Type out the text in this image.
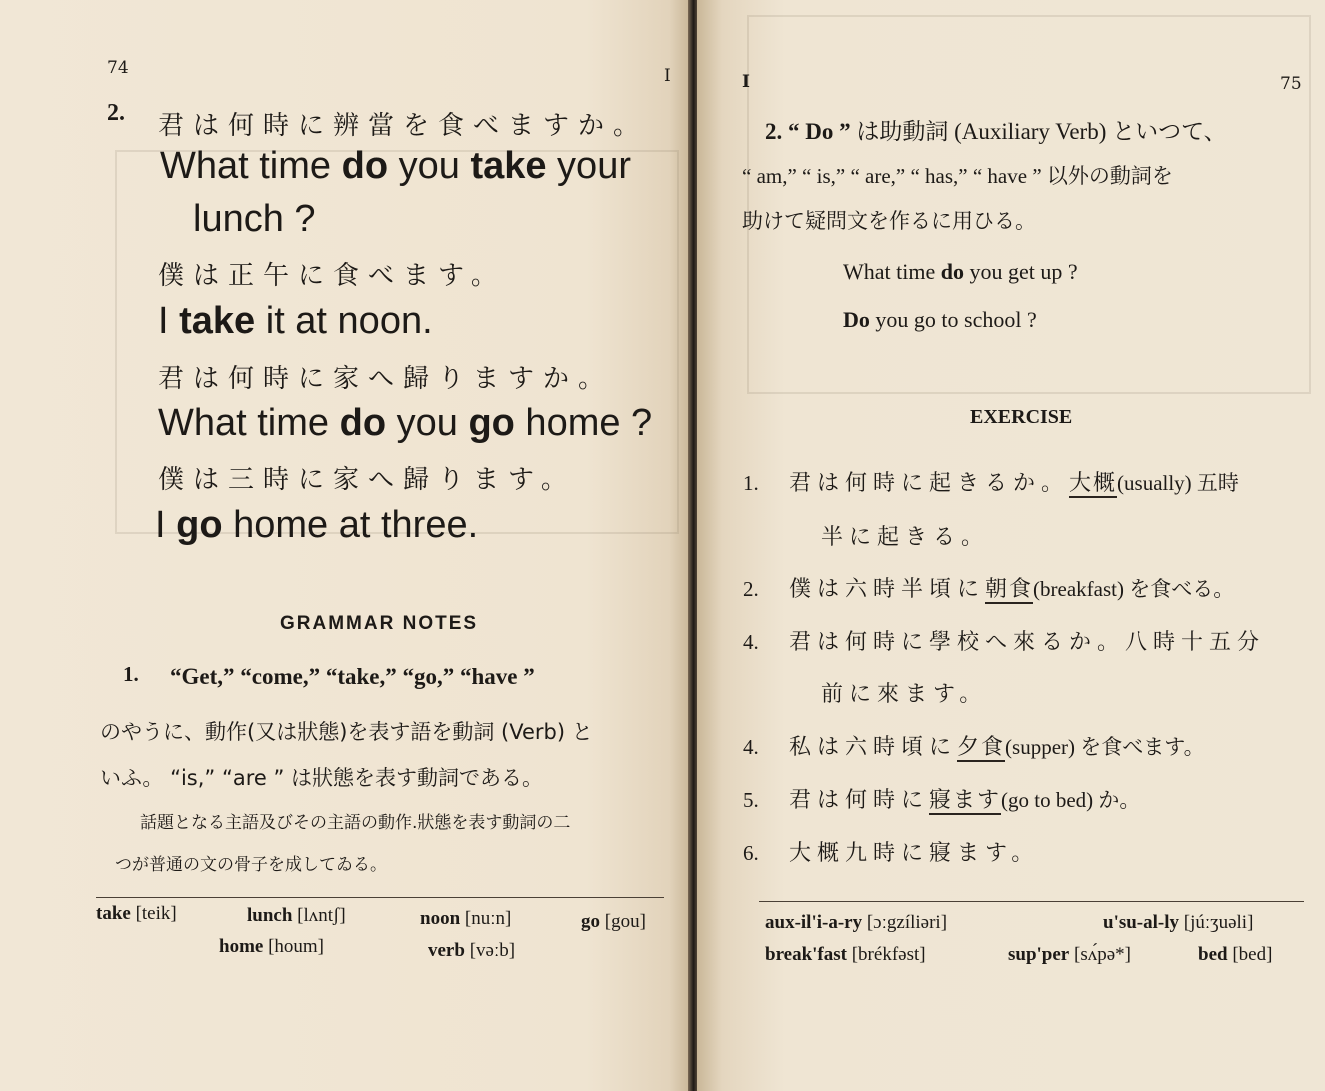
74	I
2. 君は何時に辨當を食べますか。
What time do you take your
lunch ?
僕は正午に食べます。
I take it at noon.
君は何時に家へ歸りますか。
What time do you go home ?
僕は三時に家へ歸ります。
I go home at three.
GRAMMAR NOTES
1. “Get,” “come,” “take,” “go,” “have ”
のやうに、動作(又は狀態)を表す語を動詞 (Verb) と
いふ。 “is,” “are ” は狀態を表す動詞である。
話題となる主語及びその主語の動作.狀態を表す動詞の二
つが普通の文の骨子を成してゐる。
take [teik]	lunch [lʌntʃ]	noon [nuːn]	go [gou]
home [houm]	verb [vəːb]
I	75
2. “ Do ” は助動詞 (Auxiliary Verb) といつて、
“ am,” “ is,” “ are,” “ has,” “ have ” 以外の動詞を
助けて疑問文を作るに用ひる。
What time do you get up ?
Do you go to school ?
EXERCISE
1. 君は何時に起きるか。大概(usually) 五時
半に起きる。
2. 僕は六時半頃に朝食(breakfast) を食べる。
4. 君は何時に學校へ來るか。八時十五分
前に來ます。
4. 私は六時頃に夕食(supper) を食べます。
5. 君は何時に寢ます(go to bed) か。
6. 大概九時に寢ます。
aux-il'i-a-ry [ɔːgzíliəri]	u'su-al-ly [júːʒuəli]
break'fast [brékfəst]	sup'per [sʌ́pə*]	bed [bed]
